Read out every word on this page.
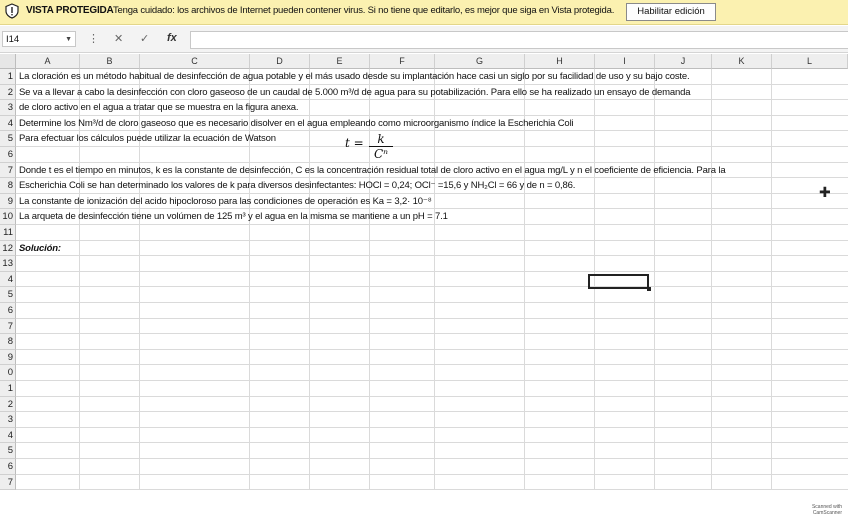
VISTA PROTEGIDA Tenga cuidado: los archivos de Internet pueden contener virus. Si no tiene que editarlo, es mejor que siga en Vista protegida.	Habilitar edición
I14	▼ ⋮ ✕ ✓ fx
A	B	C	D	E	F	G	H	I	J	K	L
1 La cloración es un método habitual de desinfección de agua potable y el más usado desde su implantación hace casi un siglo por su facilidad de uso y su bajo coste.
2 Se va a llevar a cabo la desinfección con cloro gaseoso de un caudal de 5.000 m³/d de agua para su potabilización. Para ello se ha realizado un ensayo de demanda
3 de cloro activo en el agua a tratar que se muestra en la figura anexa.
4 Determine los Nm³/d de cloro gaseoso que es necesario disolver en el agua empleando como microorganismo índice la Escherichia Coli
5 Para efectuar los cálculos puede utilizar la ecuación de Watson
6
7 Donde t es el tiempo en minutos, k es la constante de desinfección, C es la concentración residual total de cloro activo en el agua mg/L y n el coeficiente de eficiencia. Para la
8 Escherichia Coli se han determinado los valores de k para diversos desinfectantes: HOCl = 0,24; OCl⁻ =15,6 y NH₂Cl = 66 y de n = 0,86.
9 La constante de ionización del acido hipocloroso para las condiciones de operación es Ka = 3,2· 10⁻⁸
10 La arqueta de desinfección tiene un volúmen de 125 m³ y el agua en la misma se mantiene a un pH = 7.1
11
12 Solución:
13
4
5
6
7
8
9
0
1
2
3
4
5
6
7
$t = \frac{k}{\text{Cⁿ}}$
✚
Scanned with
CamScanner
